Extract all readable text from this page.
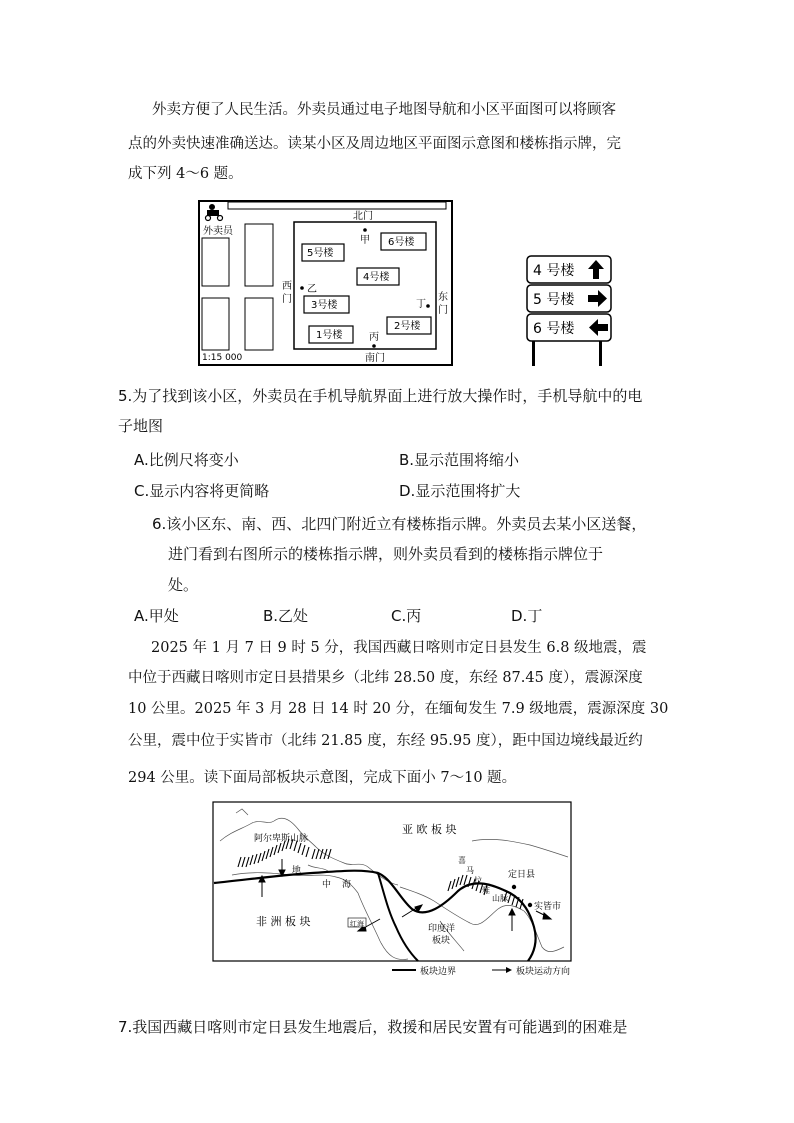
外卖方便了人民生活。外卖员通过电子地图导航和小区平面图可以将顾客
点的外卖快速准确送达。读某小区及周边地区平面图示意图和楼栋指示牌，完
成下列 4～6 题。
外卖员
北门
甲
西
门
乙
东
门
丁
丙
南门
5号楼
6号楼
4号楼
3号楼
1号楼
2号楼
1:15 000
4 号楼
5 号楼
6 号楼
5.为了找到该小区，外卖员在手机导航界面上进行放大操作时，手机导航中的电
子地图
A.比例尺将变小	B.显示范围将缩小
C.显示内容将更简略	D.显示范围将扩大
6.该小区东、南、西、北四门附近立有楼栋指示牌。外卖员去某小区送餐，
进门看到右图所示的楼栋指示牌，则外卖员看到的楼栋指示牌位于
处。
A.甲处	B.乙处	C.丙	D.丁
2025 年 1 月 7 日 9 时 5 分，我国西藏日喀则市定日县发生 6.8 级地震，震
中位于西藏日喀则市定日县措果乡（北纬 28.50 度，东经 87.45 度），震源深度
10 公里。2025 年 3 月 28 日 14 时 20 分，在缅甸发生 7.9 级地震，震源深度 30
公里，震中位于实皆市（北纬 21.85 度，东经 95.95 度），距中国边境线最近约
294 公里。读下面局部板块示意图，完成下面小 7～10 题。
亚 欧 板 块
阿尔卑斯山脉
地
中 海
非 洲 板 块	红海
喜
马
拉
雅
山脉
定日县
实皆市
印度洋
板块
板块边界	板块运动方向
7.我国西藏日喀则市定日县发生地震后，救援和居民安置有可能遇到的困难是
